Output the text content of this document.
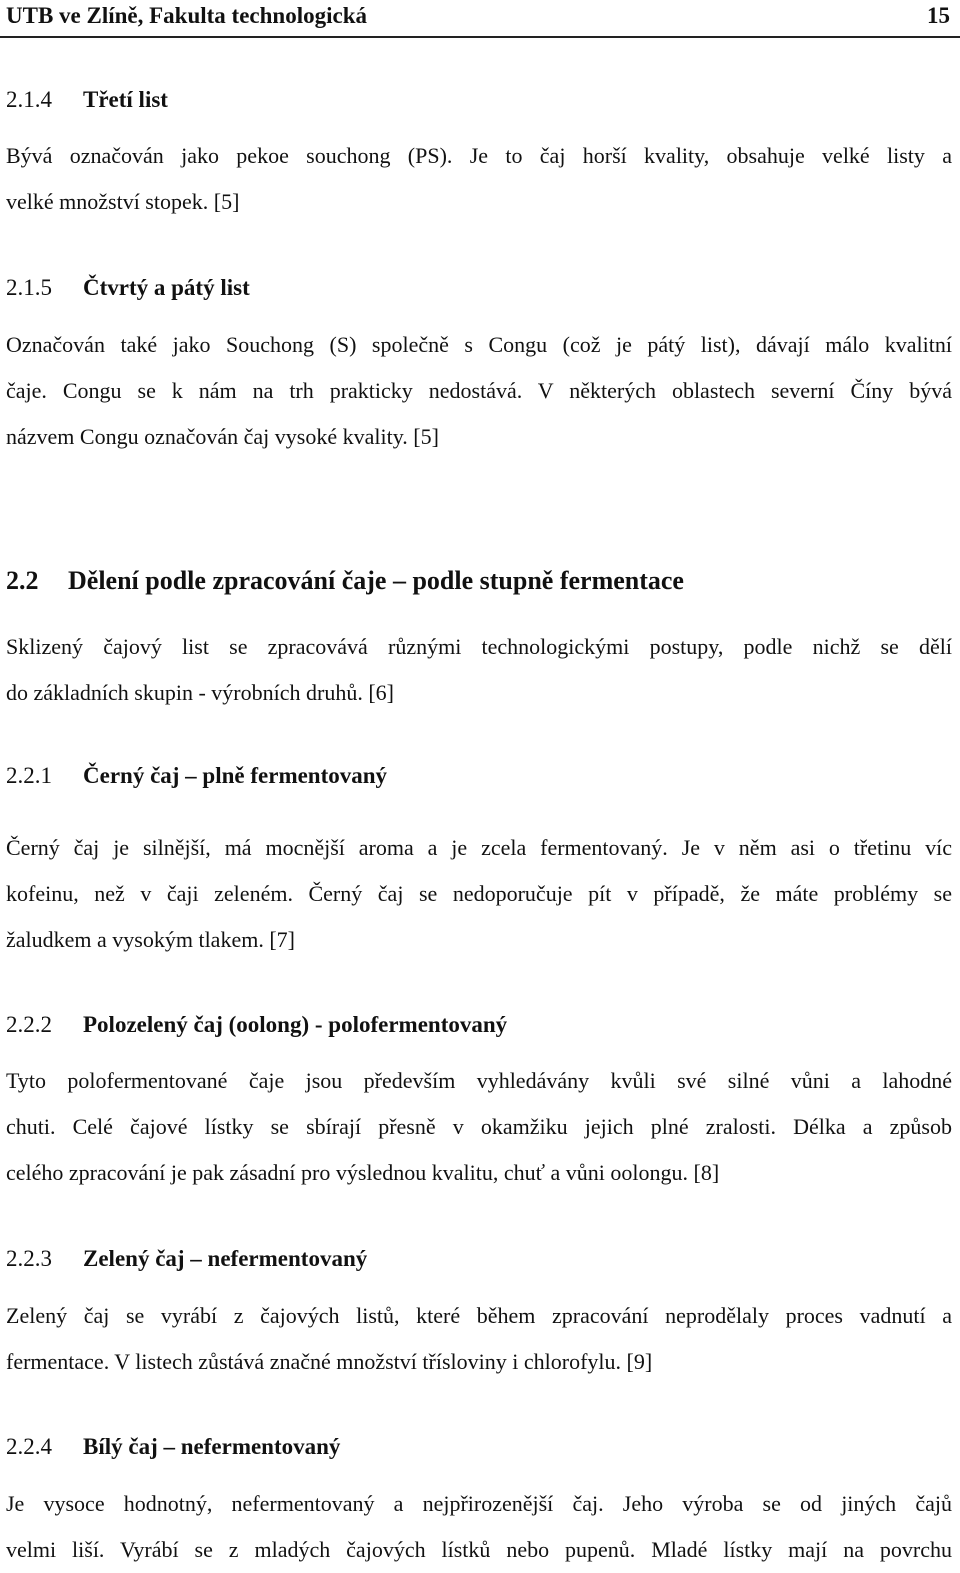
UTB ve Zlíně, Fakulta technologická	15
2.1.4 Třetí list
Bývá označován jako pekoe souchong (PS). Je to čaj horší kvality, obsahuje velké listy a
velké množství stopek. [5]
2.1.5 Čtvrtý a pátý list
Označován také jako Souchong (S) společně s Congu (což je pátý list), dávají málo kvalitní
čaje. Congu se k nám na trh prakticky nedostává. V některých oblastech severní Číny bývá
názvem Congu označován čaj vysoké kvality. [5]
2.2 Dělení podle zpracování čaje – podle stupně fermentace
Sklizený čajový list se zpracovává různými technologickými postupy, podle nichž se dělí
do základních skupin - výrobních druhů. [6]
2.2.1 Černý čaj – plně fermentovaný
Černý čaj je silnější, má mocnější aroma a je zcela fermentovaný. Je v něm asi o třetinu víc
kofeinu, než v čaji zeleném. Černý čaj se nedoporučuje pít v případě, že máte problémy se
žaludkem a vysokým tlakem. [7]
2.2.2 Polozelený čaj (oolong) - polofermentovaný
Tyto polofermentované čaje jsou především vyhledávány kvůli své silné vůni a lahodné
chuti. Celé čajové lístky se sbírají přesně v okamžiku jejich plné zralosti. Délka a způsob
celého zpracování je pak zásadní pro výslednou kvalitu, chuť a vůni oolongu. [8]
2.2.3 Zelený čaj – nefermentovaný
Zelený čaj se vyrábí z čajových listů, které během zpracování neprodělaly proces vadnutí a
fermentace. V listech zůstává značné množství třísloviny i chlorofylu. [9]
2.2.4 Bílý čaj – nefermentovaný
Je vysoce hodnotný, nefermentovaný a nejpřirozenější čaj. Jeho výroba se od jiných čajů
velmi liší. Vyrábí se z mladých čajových lístků nebo pupenů. Mladé lístky mají na povrchu
